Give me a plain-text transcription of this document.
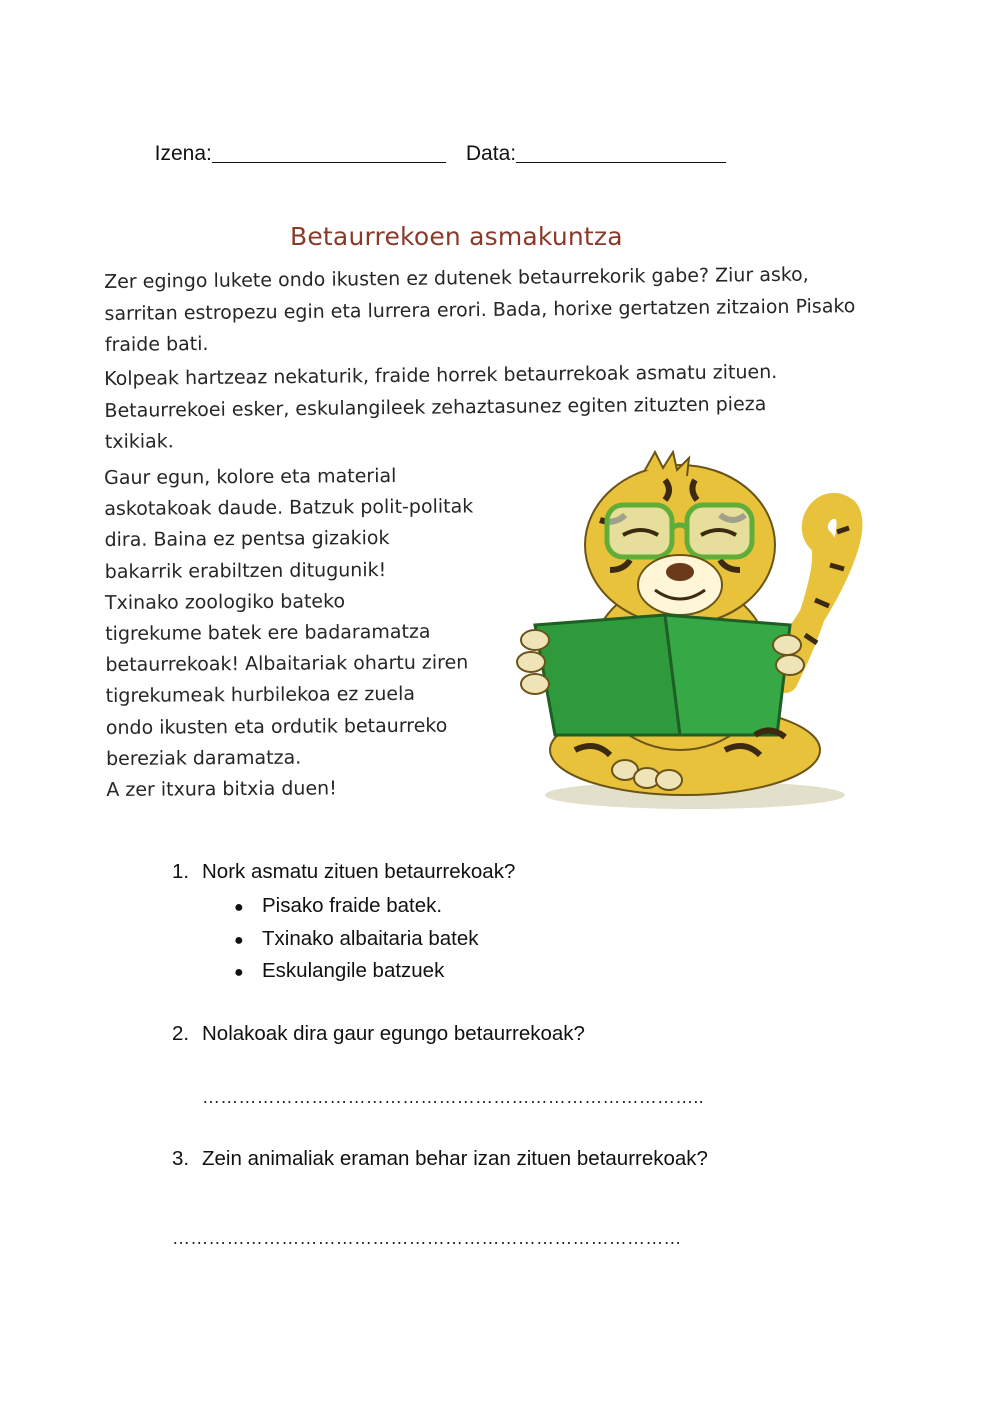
Izena:	Data:

Betaurrekoen asmakuntza
Zer egingo lukete ondo ikusten ez dutenek betaurrekorik gabe? Ziur asko, sarritan estropezu egin eta lurrera erori. Bada, horixe gertatzen zitzaion Pisako fraide bati.
Kolpeak hartzeaz nekaturik, fraide horrek betaurrekoak asmatu zituen. Betaurrekoei esker, eskulangileek zehaztasunez egiten zituzten pieza txikiak.
Gaur egun, kolore eta material
askotakoak daude. Batzuk polit-politak
dira. Baina ez pentsa gizakiok
bakarrik erabiltzen ditugunik!
Txinako zoologiko bateko
tigrekume batek ere badaramatza
betaurrekoak! Albaitariak ohartu ziren
tigrekumeak hurbilekoa ez zuela
ondo ikusten eta ordutik betaurreko
bereziak daramatza.
A zer itxura bitxia duen!
1. Nork asmatu zituen betaurrekoak?
● Pisako fraide batek.
● Txinako albaitaria batek
● Eskulangile batzuek
2. Nolakoak dira gaur egungo betaurrekoak?
………………………………………………………………………..
3. Zein animaliak eraman behar izan zituen betaurrekoak?
…………………………………………………………………………
